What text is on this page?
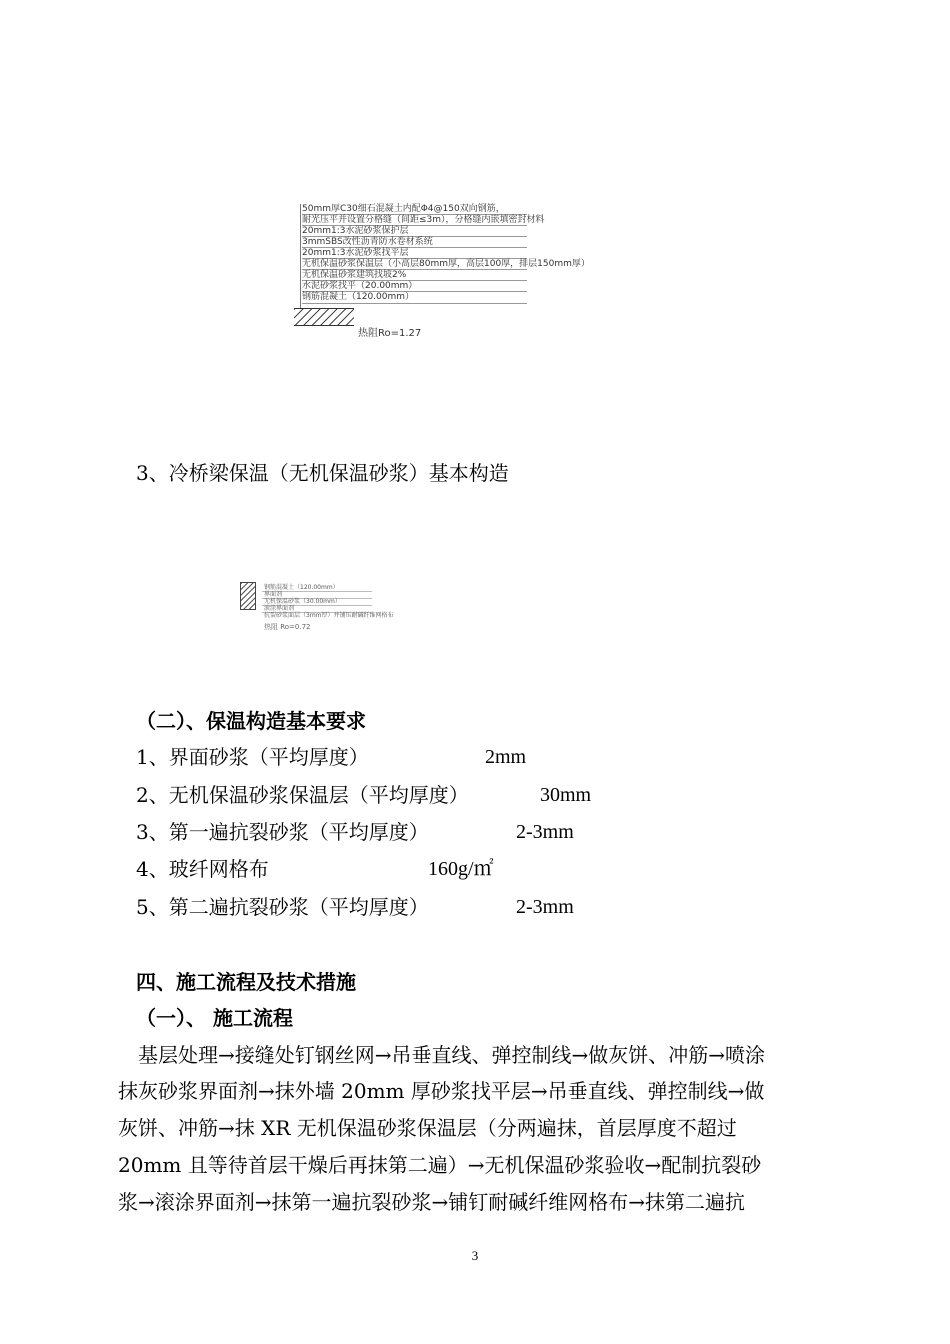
50mm厚C30细石混凝土内配Φ4@150双向钢筋，
耐光压平并设置分格缝（间距≤3m），分格缝内嵌填密封材料
20mm1:3水泥砂浆保护层
3mmSBS改性沥青防水卷材系统
20mm1:3水泥砂浆找平层
无机保温砂浆保温层（小高层80mm厚，高层100厚，排层150mm厚）
无机保温砂浆建筑找坡2%
水泥砂浆找平（20.00mm）
钢筋混凝土（120.00mm）
热阻Ro=1.27
3、冷桥梁保温（无机保温砂浆）基本构造
钢筋混凝土（120.00mm）
界面剂
无机保温砂浆（30.00mm）
滚涂界面剂
抗裂砂浆面层（3mm厚）并铺压耐碱纤维网格布
热阻 Ro=0.72
（二）、保温构造基本要求
1、界面砂浆（平均厚度）	2mm
2、无机保温砂浆保温层（平均厚度）	30mm
3、第一遍抗裂砂浆（平均厚度）	2-3mm
4、玻纤网格布	160g/㎡
5、第二遍抗裂砂浆（平均厚度）	2-3mm
四、施工流程及技术措施
（一）、 施工流程
基层处理→接缝处钉钢丝网→吊垂直线、弹控制线→做灰饼、冲筋→喷涂
抹灰砂浆界面剂→抹外墙 20mm 厚砂浆找平层→吊垂直线、弹控制线→做
灰饼、冲筋→抹 XR 无机保温砂浆保温层（分两遍抹，首层厚度不超过
20mm 且等待首层干燥后再抹第二遍）→无机保温砂浆验收→配制抗裂砂
浆→滚涂界面剂→抹第一遍抗裂砂浆→铺钉耐碱纤维网格布→抹第二遍抗
3
